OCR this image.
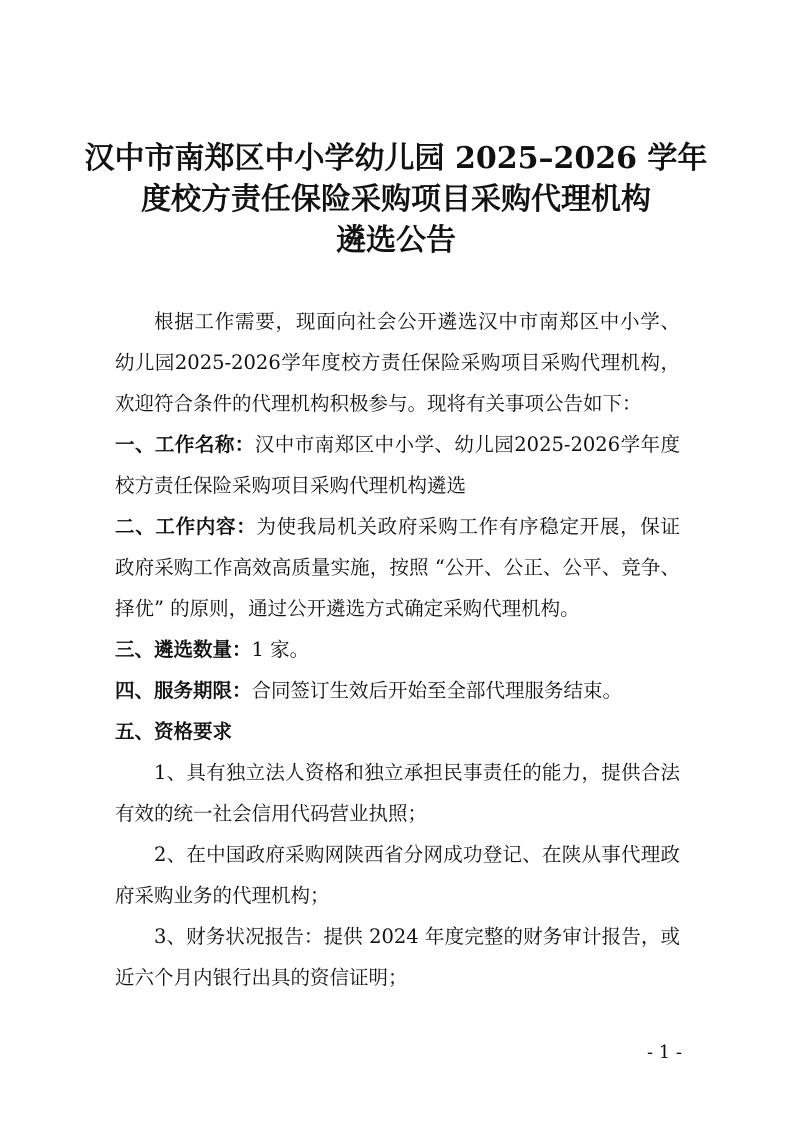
汉中市南郑区中小学幼儿园 2025–2026 学年
度校方责任保险采购项目采购代理机构
遴选公告

根据工作需要，现面向社会公开遴选汉中市南郑区中小学、幼儿园2025-2026学年度校方责任保险采购项目采购代理机构，欢迎符合条件的代理机构积极参与。现将有关事项公告如下：

一、工作名称：汉中市南郑区中小学、幼儿园2025-2026学年度校方责任保险采购项目采购代理机构遴选

二、工作内容：为使我局机关政府采购工作有序稳定开展，保证政府采购工作高效高质量实施，按照 “公开、公正、公平、竞争、择优” 的原则，通过公开遴选方式确定采购代理机构。

三、遴选数量：1 家。

四、服务期限：合同签订生效后开始至全部代理服务结束。

五、资格要求

1、具有独立法人资格和独立承担民事责任的能力，提供合法有效的统一社会信用代码营业执照；

2、在中国政府采购网陕西省分网成功登记、在陕从事代理政府采购业务的代理机构；

3、财务状况报告：提供 2024 年度完整的财务审计报告，或近六个月内银行出具的资信证明；

- 1 -
